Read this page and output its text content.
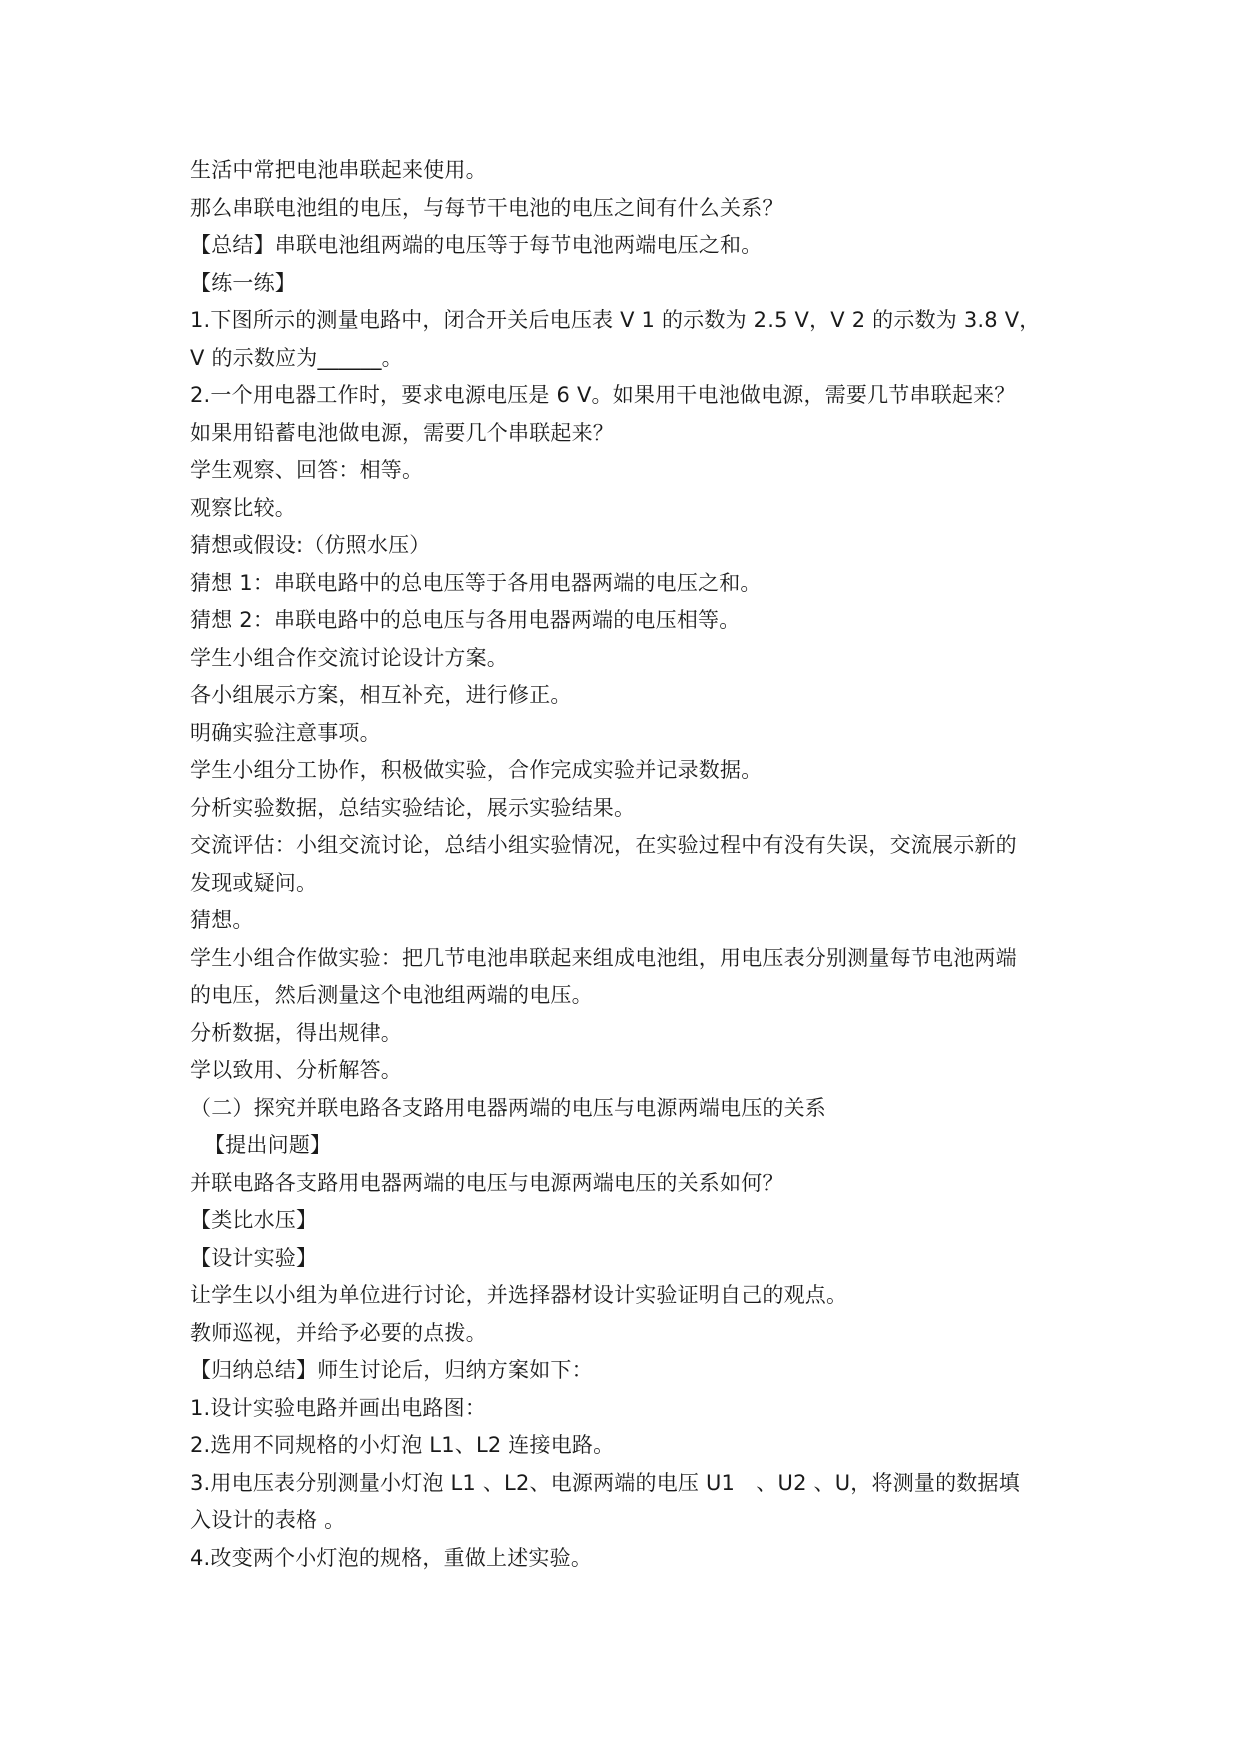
生活中常把电池串联起来使用。
那么串联电池组的电压，与每节干电池的电压之间有什么关系？
【总结】串联电池组两端的电压等于每节电池两端电压之和。
【练一练】
1.下图所示的测量电路中，闭合开关后电压表 V 1 的示数为 2.5 V，V 2 的示数为 3.8 V，
V 的示数应为______。
2.一个用电器工作时，要求电源电压是 6 V。如果用干电池做电源，需要几节串联起来？
如果用铅蓄电池做电源，需要几个串联起来？
学生观察、回答：相等。
观察比较。
猜想或假设:（仿照水压）
猜想 1：串联电路中的总电压等于各用电器两端的电压之和。
猜想 2：串联电路中的总电压与各用电器两端的电压相等。
学生小组合作交流讨论设计方案。
各小组展示方案，相互补充，进行修正。
明确实验注意事项。
学生小组分工协作，积极做实验，合作完成实验并记录数据。
分析实验数据，总结实验结论，展示实验结果。
交流评估：小组交流讨论，总结小组实验情况，在实验过程中有没有失误，交流展示新的
发现或疑问。
猜想。
学生小组合作做实验：把几节电池串联起来组成电池组，用电压表分别测量每节电池两端
的电压，然后测量这个电池组两端的电压。
分析数据，得出规律。
学以致用、分析解答。
（二）探究并联电路各支路用电器两端的电压与电源两端电压的关系
【提出问题】
并联电路各支路用电器两端的电压与电源两端电压的关系如何？
【类比水压】
【设计实验】
让学生以小组为单位进行讨论，并选择器材设计实验证明自己的观点。
教师巡视，并给予必要的点拨。
【归纳总结】师生讨论后，归纳方案如下：
1.设计实验电路并画出电路图：
2.选用不同规格的小灯泡 L1、L2 连接电路。
3.用电压表分别测量小灯泡 L1 、L2、电源两端的电压 U1　、U2 、U，将测量的数据填
入设计的表格 。
4.改变两个小灯泡的规格，重做上述实验。
